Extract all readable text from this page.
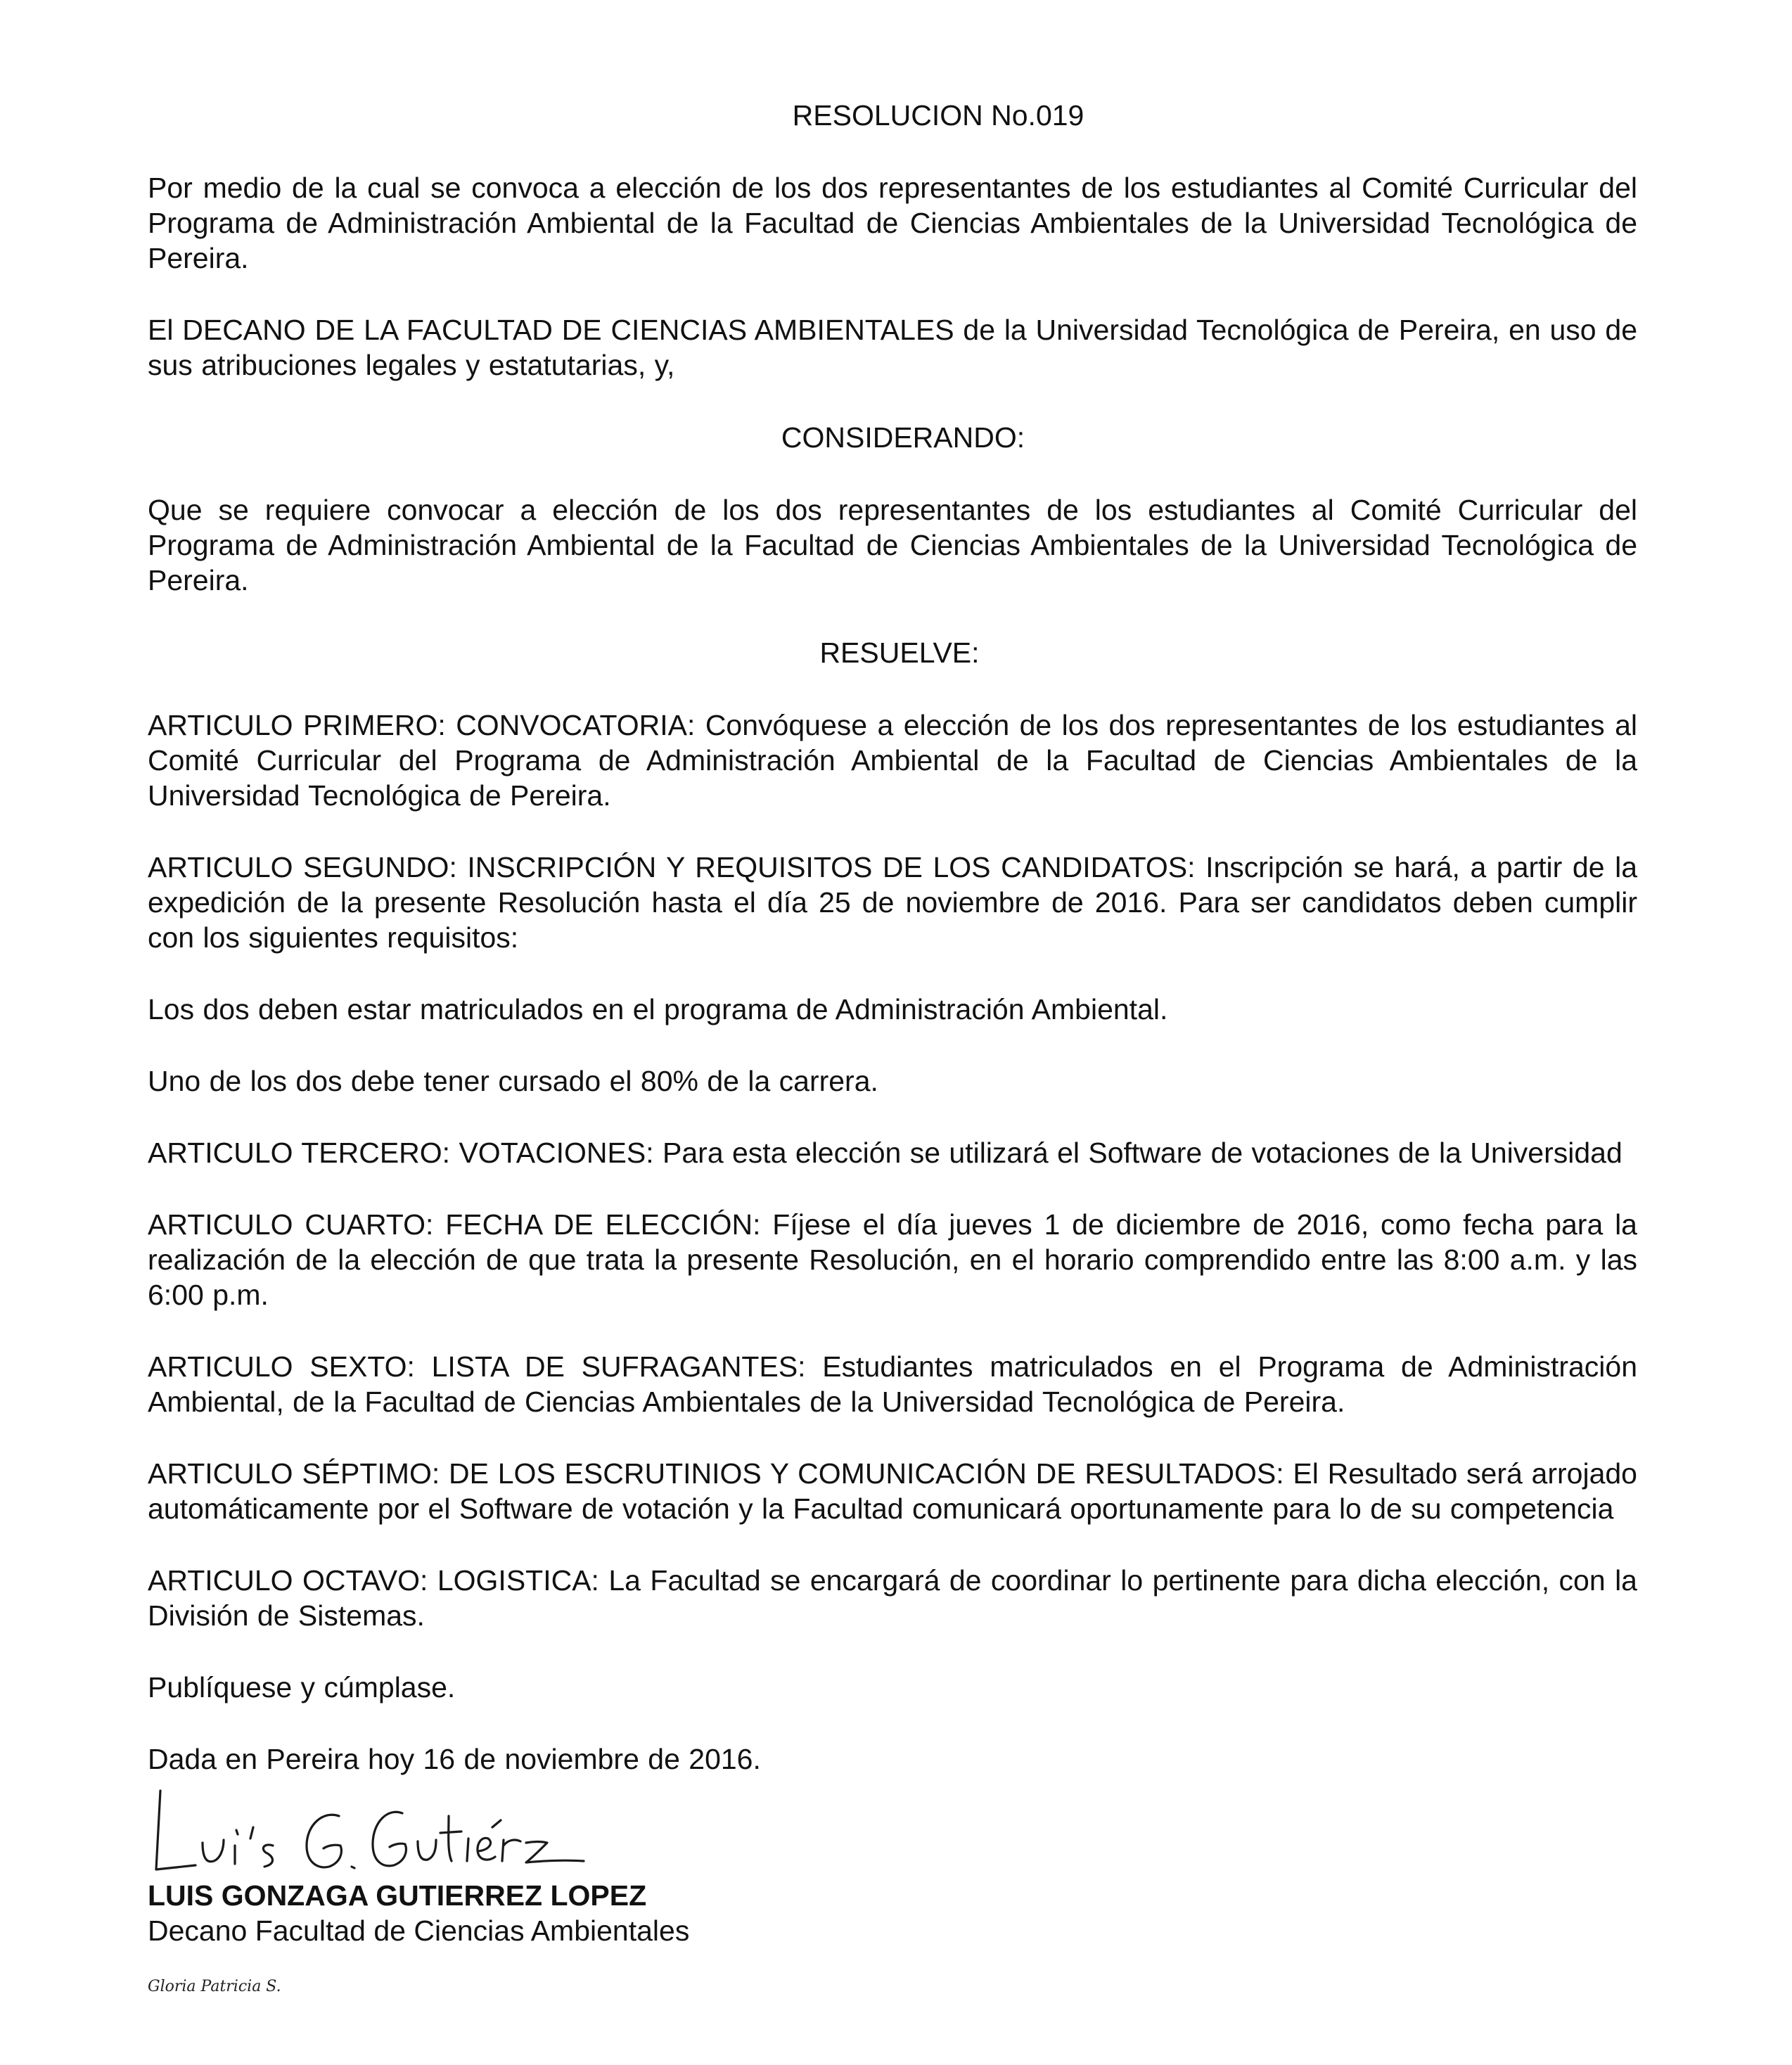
RESOLUCION No.019

Por medio de la cual se convoca a elección de los dos representantes de los estudiantes al Comité Curricular del Programa de Administración Ambiental de la Facultad de Ciencias Ambientales de la Universidad Tecnológica de Pereira.

El DECANO DE LA FACULTAD DE CIENCIAS AMBIENTALES de la Universidad Tecnológica de Pereira, en uso de sus atribuciones legales y estatutarias, y,

CONSIDERANDO:

Que se requiere convocar a elección de los dos representantes de los estudiantes al Comité Curricular del Programa de Administración Ambiental de la Facultad de Ciencias Ambientales de la Universidad Tecnológica de Pereira.

RESUELVE:

ARTICULO PRIMERO: CONVOCATORIA: Convóquese a elección de los dos representantes de los estudiantes al Comité Curricular del Programa de Administración Ambiental de la Facultad de Ciencias Ambientales de la Universidad Tecnológica de Pereira.

ARTICULO SEGUNDO: INSCRIPCIÓN Y REQUISITOS DE LOS CANDIDATOS: Inscripción se hará, a partir de la expedición de la presente Resolución hasta el día 25 de noviembre de 2016. Para ser candidatos deben cumplir con los siguientes requisitos:

Los dos deben estar matriculados en el programa de Administración Ambiental.

Uno de los dos debe tener cursado el 80% de la carrera.

ARTICULO TERCERO: VOTACIONES: Para esta elección se utilizará el Software de votaciones de la Universidad

ARTICULO CUARTO: FECHA DE ELECCIÓN: Fíjese el día jueves 1 de diciembre de 2016, como fecha para la realización de la elección de que trata la presente Resolución, en el horario comprendido entre las 8:00 a.m. y las 6:00 p.m.

ARTICULO SEXTO: LISTA DE SUFRAGANTES: Estudiantes matriculados en el Programa de Administración Ambiental, de la Facultad de Ciencias Ambientales de la Universidad Tecnológica de Pereira.

ARTICULO SÉPTIMO: DE LOS ESCRUTINIOS Y COMUNICACIÓN DE RESULTADOS: El Resultado será arrojado automáticamente por el Software de votación y la Facultad comunicará oportunamente para lo de su competencia

ARTICULO OCTAVO: LOGISTICA: La Facultad se encargará de coordinar lo pertinente para dicha elección, con la División de Sistemas.

Publíquese y cúmplase.

Dada en Pereira hoy 16 de noviembre de 2016.

LUIS GONZAGA GUTIERREZ LOPEZ
Decano Facultad de Ciencias Ambientales
Gloria Patricia S.
